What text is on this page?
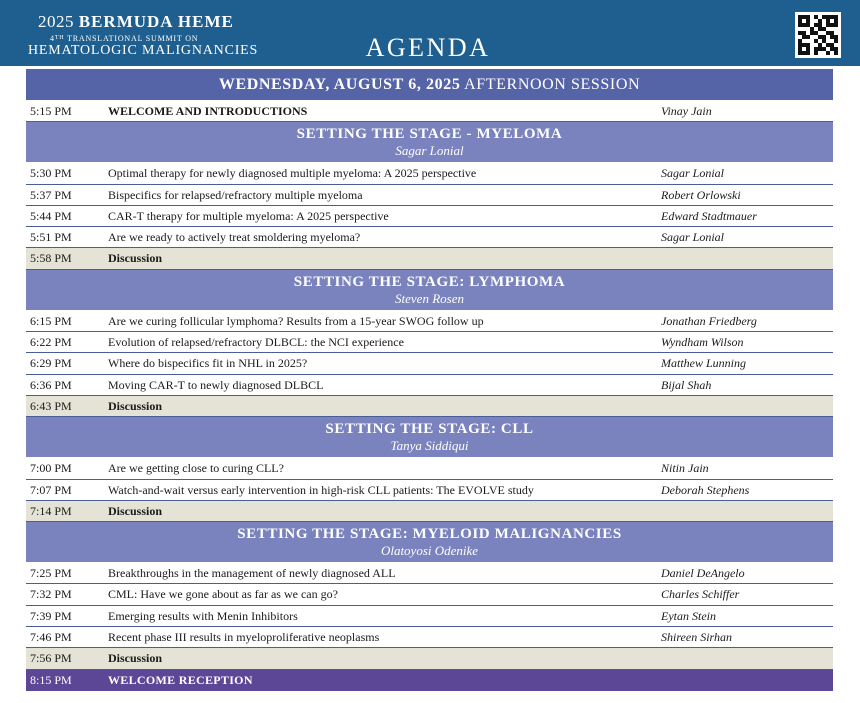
2025 BERMUDA HEME
4TH TRANSLATIONAL SUMMIT ON
HEMATOLOGIC MALIGNANCIES	AGENDA
WEDNESDAY, AUGUST 6, 2025 AFTERNOON SESSION
5:15 PM	WELCOME AND INTRODUCTIONS	Vinay Jain
SETTING THE STAGE - MYELOMA
Sagar Lonial
5:30 PM	Optimal therapy for newly diagnosed multiple myeloma: A 2025 perspective	Sagar Lonial
5:37 PM	Bispecifics for relapsed/refractory multiple myeloma	Robert Orlowski
5:44 PM	CAR-T therapy for multiple myeloma: A 2025 perspective	Edward Stadtmauer
5:51 PM	Are we ready to actively treat smoldering myeloma?	Sagar Lonial
5:58 PM	Discussion
SETTING THE STAGE: LYMPHOMA
Steven Rosen
6:15 PM	Are we curing follicular lymphoma? Results from a 15-year SWOG follow up	Jonathan Friedberg
6:22 PM	Evolution of relapsed/refractory DLBCL: the NCI experience	Wyndham Wilson
6:29 PM	Where do bispecifics fit in NHL in 2025?	Matthew Lunning
6:36 PM	Moving CAR-T to newly diagnosed DLBCL	Bijal Shah
6:43 PM	Discussion
SETTING THE STAGE: CLL
Tanya Siddiqui
7:00 PM	Are we getting close to curing CLL?	Nitin Jain
7:07 PM	Watch-and-wait versus early intervention in high-risk CLL patients: The EVOLVE study	Deborah Stephens
7:14 PM	Discussion
SETTING THE STAGE: MYELOID MALIGNANCIES
Olatoyosi Odenike
7:25 PM	Breakthroughs in the management of newly diagnosed ALL	Daniel DeAngelo
7:32 PM	CML: Have we gone about as far as we can go?	Charles Schiffer
7:39 PM	Emerging results with Menin Inhibitors	Eytan Stein
7:46 PM	Recent phase III results in myeloproliferative neoplasms	Shireen Sirhan
7:56 PM	Discussion
8:15 PM	WELCOME RECEPTION
